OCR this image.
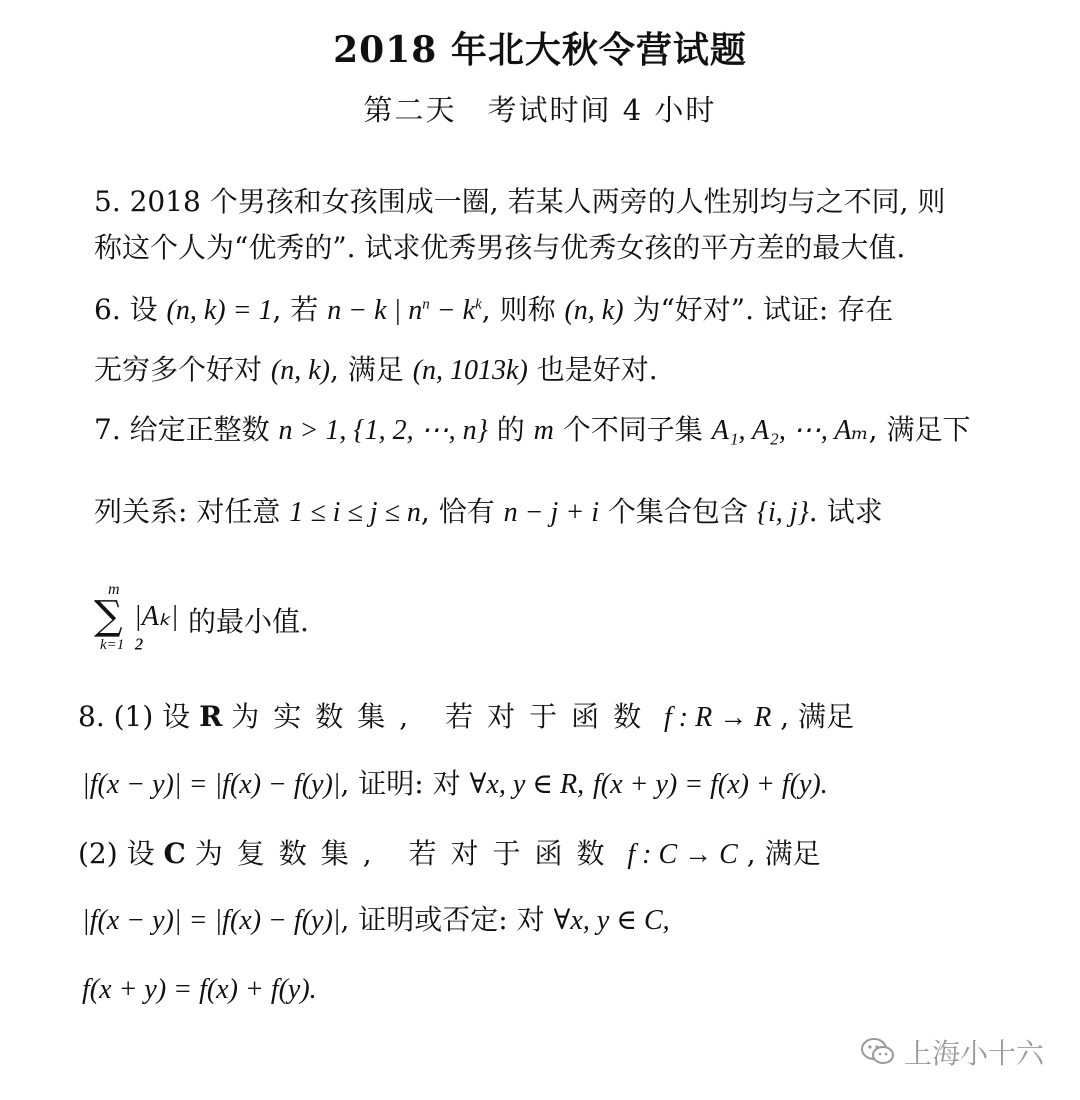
2018 年北大秋令营试题
第二天　考试时间 4 小时
5. 2018 个男孩和女孩围成一圈, 若某人两旁的人性别均与之不同, 则
称这个人为“优秀的”. 试求优秀男孩与优秀女孩的平方差的最大值.
6. 设 (n, k) = 1, 若 n − k | $n^n - k^k$, 则称 (n, k) 为“好对”. 试证: 存在
无穷多个好对 (n, k), 满足 (n, 1013k) 也是好对.
7. 给定正整数 n > 1, {1, 2, ⋯, n} 的 m 个不同子集 A₁, A₂, ⋯, Aₘ, 满足下
列关系: 对任意 1 ≤ i ≤ j ≤ n, 恰有 n − j + i 个集合包含 {i, j}. 试求
m
∑
k=1
|Aₖ|²
的最小值.
8. (1) 设 R 为实数集, 若对于函数 f : R → R , 满足
|f(x − y)| = |f(x) − f(y)|, 证明: 对 ∀x, y ∈ R, f(x + y) = f(x) + f(y).
(2) 设 C 为复数集, 若对于函数 f : C → C , 满足
|f(x − y)| = |f(x) − f(y)|, 证明或否定: 对 ∀x, y ∈ C,
f(x + y) = f(x) + f(y).
上海小十六
